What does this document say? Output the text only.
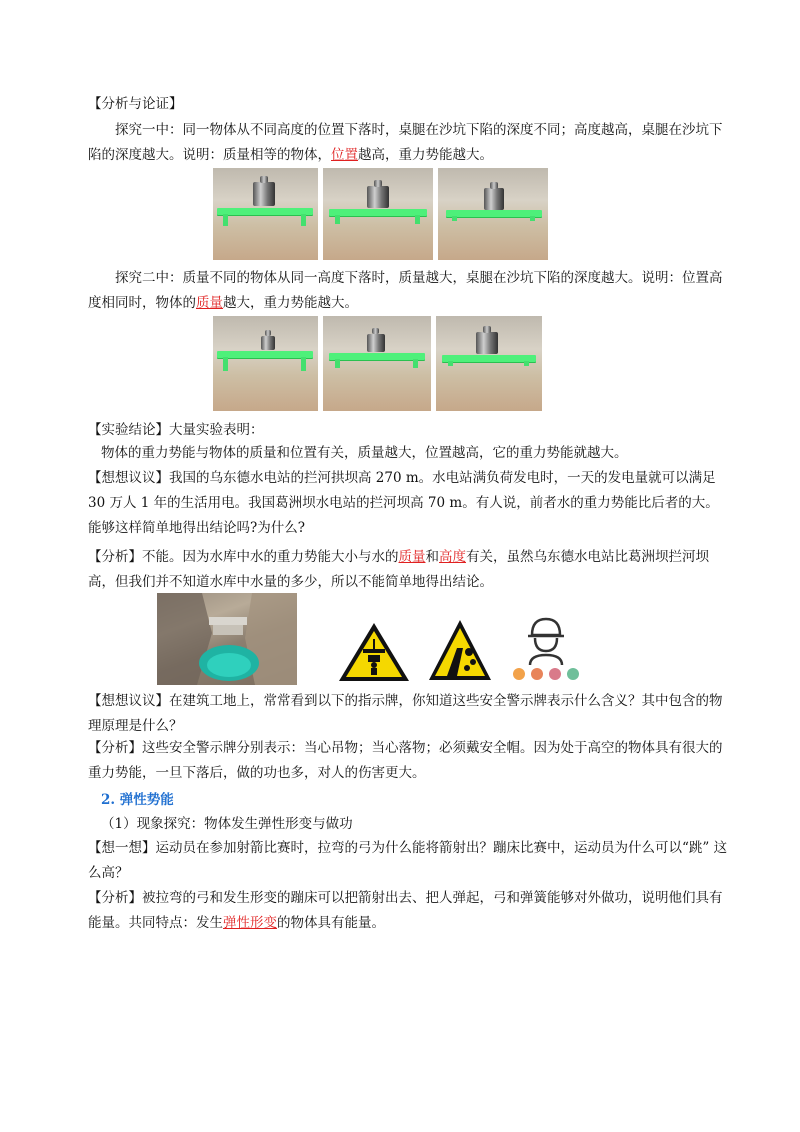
【分析与论证】

探究一中：同一物体从不同高度的位置下落时，桌腿在沙坑下陷的深度不同；高度越高，桌腿在沙坑下陷的深度越大。说明：质量相等的物体，位置越高，重力势能越大。

探究二中：质量不同的物体从同一高度下落时，质量越大，桌腿在沙坑下陷的深度越大。说明：位置高度相同时，物体的质量越大，重力势能越大。

【实验结论】大量实验表明：

物体的重力势能与物体的质量和位置有关，质量越大，位置越高，它的重力势能就越大。

【想想议议】我国的乌东德水电站的拦河拱坝高 270 m。水电站满负荷发电时，一天的发电量就可以满足 30 万人 1 年的生活用电。我国葛洲坝水电站的拦河坝高 70 m。有人说，前者水的重力势能比后者的大。能够这样简单地得出结论吗?为什么?

【分析】不能。因为水库中水的重力势能大小与水的质量和高度有关，虽然乌东德水电站比葛洲坝拦河坝高，但我们并不知道水库中水量的多少，所以不能简单地得出结论。

【想想议议】在建筑工地上，常常看到以下的指示牌，你知道这些安全警示牌表示什么含义？其中包含的物理原理是什么？

【分析】这些安全警示牌分别表示：当心吊物；当心落物；必须戴安全帽。因为处于高空的物体具有很大的重力势能，一旦下落后，做的功也多，对人的伤害更大。

2. 弹性势能

（1）现象探究：物体发生弹性形变与做功

【想一想】运动员在参加射箭比赛时，拉弯的弓为什么能将箭射出？蹦床比赛中，运动员为什么可以“跳” 这么高？

【分析】被拉弯的弓和发生形变的蹦床可以把箭射出去、把人弹起，弓和弹簧能够对外做功，说明他们具有能量。共同特点：发生弹性形变的物体具有能量。
